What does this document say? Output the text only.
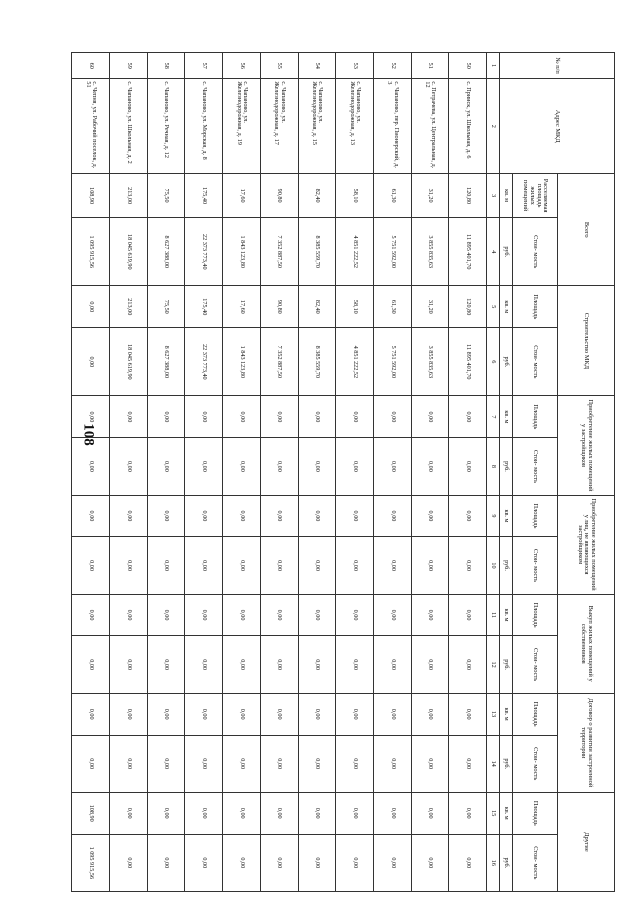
108
№ п/п	Адрес МКД	Всего		Строительство МКД		Приобретение жилых помещений у застройщиков		Приобретение жилых помещений у лиц, не являющихся застройщиком		Выкуп жилых помещений у собственников		Договор о развитии застроенной территории		Другие	
		Расселяемая площадь жилых помещений	Стои- мость	Площадь	Стои- мость	Площадь	Стои- мость	Площадь	Стои- мость	Площадь	Стои- мость	Площадь	Стои- мость	Площадь	Стои- мость
		кв. м	руб.	кв. м	руб.	кв. м	руб.	кв. м	руб.	кв. м	руб.	кв. м	руб.	кв. м	руб.
1	2	3	4	5	6	7	8	9	10	11	12	13	14	15	16
50	с. Прииск, ул. Школьная, д. 6	120,80	11 895 401,70	120,80	11 895 401,70	0,00	0,00	0,00	0,00	0,00	0,00	0,00	0,00	0,00	0,00
51	с. Петрачева, ул. Центральная, д. 12	31,20	3 855 835,63	31,20	3 855 835,63	0,00	0,00	0,00	0,00	0,00	0,00	0,00	0,00	0,00	0,00
52	с. Чапаново, пер. Пионерский, д. 3	61,30	5 751 592,00	61,30	5 751 592,00	0,00	0,00	0,00	0,00	0,00	0,00	0,00	0,00	0,00	0,00
53	с. Чапаново, ул. Железнодорожная, д. 13	58,10	4 851 222,52	58,10	4 851 222,52	0,00	0,00	0,00	0,00	0,00	0,00	0,00	0,00	0,00	0,00
54	с. Чапаново, ул. Железнодорожная, д. 15	82,40	8 385 559,70	82,40	8 385 559,70	0,00	0,00	0,00	0,00	0,00	0,00	0,00	0,00	0,00	0,00
55	с. Чапаново, ул. Железнодорожная, д. 17	90,80	7 352 887,50	90,80	7 352 887,50	0,00	0,00	0,00	0,00	0,00	0,00	0,00	0,00	0,00	0,00
56	с. Чапаново, ул. Железнодорожная, д. 19	17,60	1 843 123,80	17,60	1 843 123,80	0,00	0,00	0,00	0,00	0,00	0,00	0,00	0,00	0,00	0,00
57	с. Чапаново, ул. Морская, д. 8	175,40	22 373 773,40	175,40	22 373 773,40	0,00	0,00	0,00	0,00	0,00	0,00	0,00	0,00	0,00	0,00
58	с. Чапаново, ул. Речная, д. 12	75,50	8 627 388,00	75,50	8 627 388,00	0,00	0,00	0,00	0,00	0,00	0,00	0,00	0,00	0,00	0,00
59	с. Чапаново, ул. Школьная, д. 2	213,00	18 045 619,90	213,00	18 045 619,90	0,00	0,00	0,00	0,00	0,00	0,00	0,00	0,00	0,00	0,00
60	с. Чепня, ул. Рабочий поселок, д. 51	108,90	1 095 915,56	0,00	0,00	0,00	0,00	0,00	0,00	0,00	0,00	0,00	0,00	108,90	1 095 915,56
